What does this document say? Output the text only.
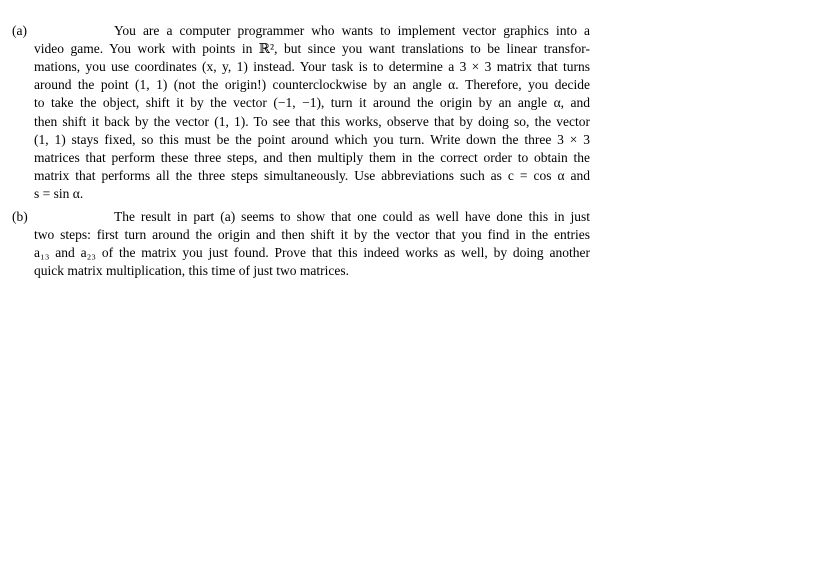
(a)	You are a computer programmer who wants to implement vector graphics into a
video game. You work with points in ℝ², but since you want translations to be linear transfor-
mations, you use coordinates (x, y, 1) instead. Your task is to determine a 3 × 3 matrix that turns
around the point (1, 1) (not the origin!) counterclockwise by an angle α. Therefore, you decide
to take the object, shift it by the vector (−1, −1), turn it around the origin by an angle α, and
then shift it back by the vector (1, 1). To see that this works, observe that by doing so, the vector
(1, 1) stays fixed, so this must be the point around which you turn. Write down the three 3 × 3
matrices that perform these three steps, and then multiply them in the correct order to obtain the
matrix that performs all the three steps simultaneously. Use abbreviations such as c = cos α and
s = sin α.
(b)	The result in part (a) seems to show that one could as well have done this in just
two steps: first turn around the origin and then shift it by the vector that you find in the entries
a₁₃ and a₂₃ of the matrix you just found. Prove that this indeed works as well, by doing another
quick matrix multiplication, this time of just two matrices.
